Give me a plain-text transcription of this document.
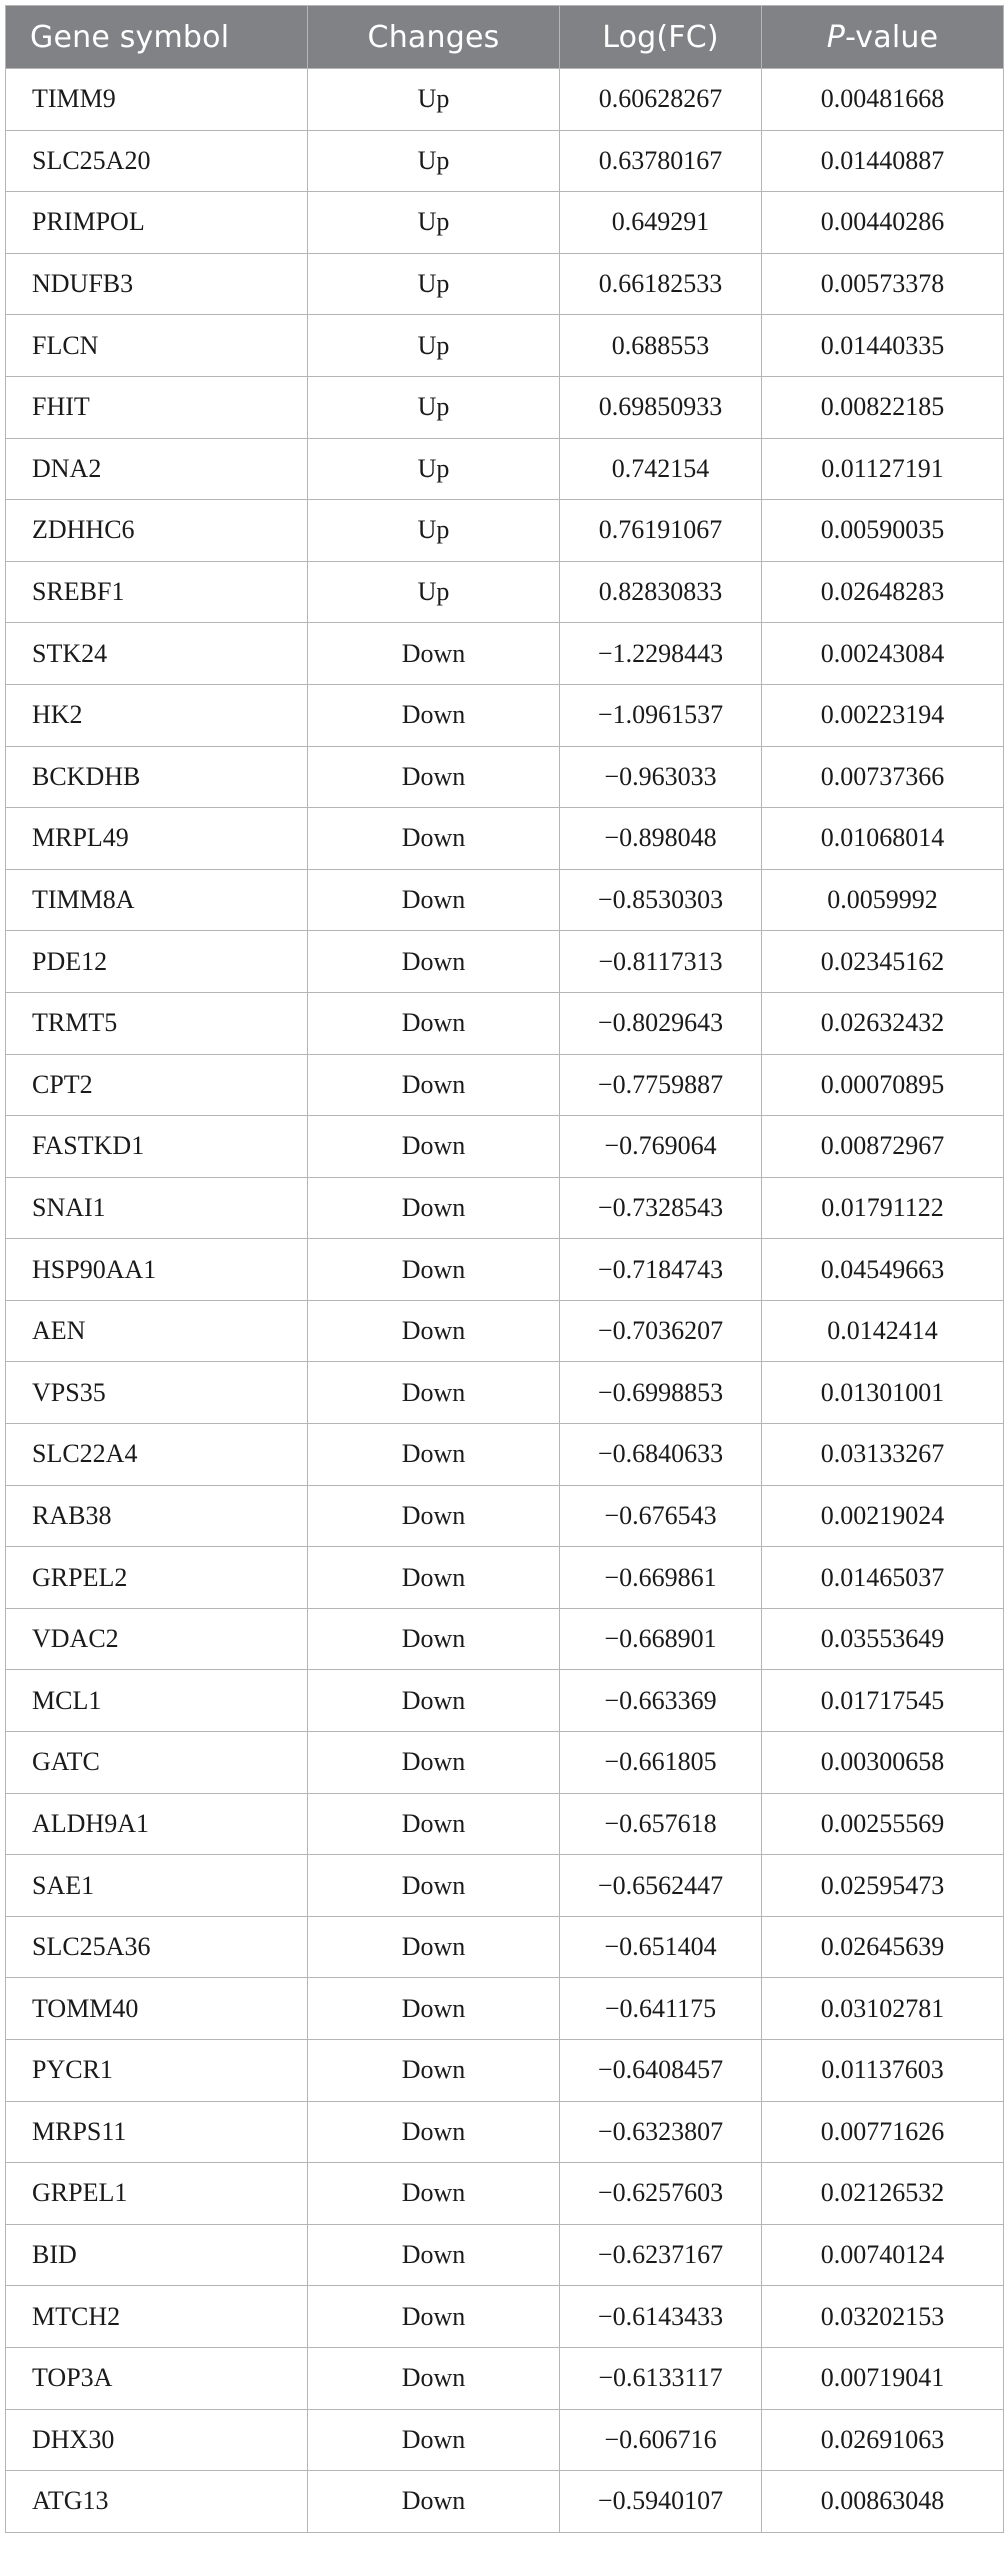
Gene symbol	Changes	Log(FC)	P-value
TIMM9	Up	0.60628267	0.00481668
SLC25A20	Up	0.63780167	0.01440887
PRIMPOL	Up	0.649291	0.00440286
NDUFB3	Up	0.66182533	0.00573378
FLCN	Up	0.688553	0.01440335
FHIT	Up	0.69850933	0.00822185
DNA2	Up	0.742154	0.01127191
ZDHHC6	Up	0.76191067	0.00590035
SREBF1	Up	0.82830833	0.02648283
STK24	Down	−1.2298443	0.00243084
HK2	Down	−1.0961537	0.00223194
BCKDHB	Down	−0.963033	0.00737366
MRPL49	Down	−0.898048	0.01068014
TIMM8A	Down	−0.8530303	0.0059992
PDE12	Down	−0.8117313	0.02345162
TRMT5	Down	−0.8029643	0.02632432
CPT2	Down	−0.7759887	0.00070895
FASTKD1	Down	−0.769064	0.00872967
SNAI1	Down	−0.7328543	0.01791122
HSP90AA1	Down	−0.7184743	0.04549663
AEN	Down	−0.7036207	0.0142414
VPS35	Down	−0.6998853	0.01301001
SLC22A4	Down	−0.6840633	0.03133267
RAB38	Down	−0.676543	0.00219024
GRPEL2	Down	−0.669861	0.01465037
VDAC2	Down	−0.668901	0.03553649
MCL1	Down	−0.663369	0.01717545
GATC	Down	−0.661805	0.00300658
ALDH9A1	Down	−0.657618	0.00255569
SAE1	Down	−0.6562447	0.02595473
SLC25A36	Down	−0.651404	0.02645639
TOMM40	Down	−0.641175	0.03102781
PYCR1	Down	−0.6408457	0.01137603
MRPS11	Down	−0.6323807	0.00771626
GRPEL1	Down	−0.6257603	0.02126532
BID	Down	−0.6237167	0.00740124
MTCH2	Down	−0.6143433	0.03202153
TOP3A	Down	−0.6133117	0.00719041
DHX30	Down	−0.606716	0.02691063
ATG13	Down	−0.5940107	0.00863048
